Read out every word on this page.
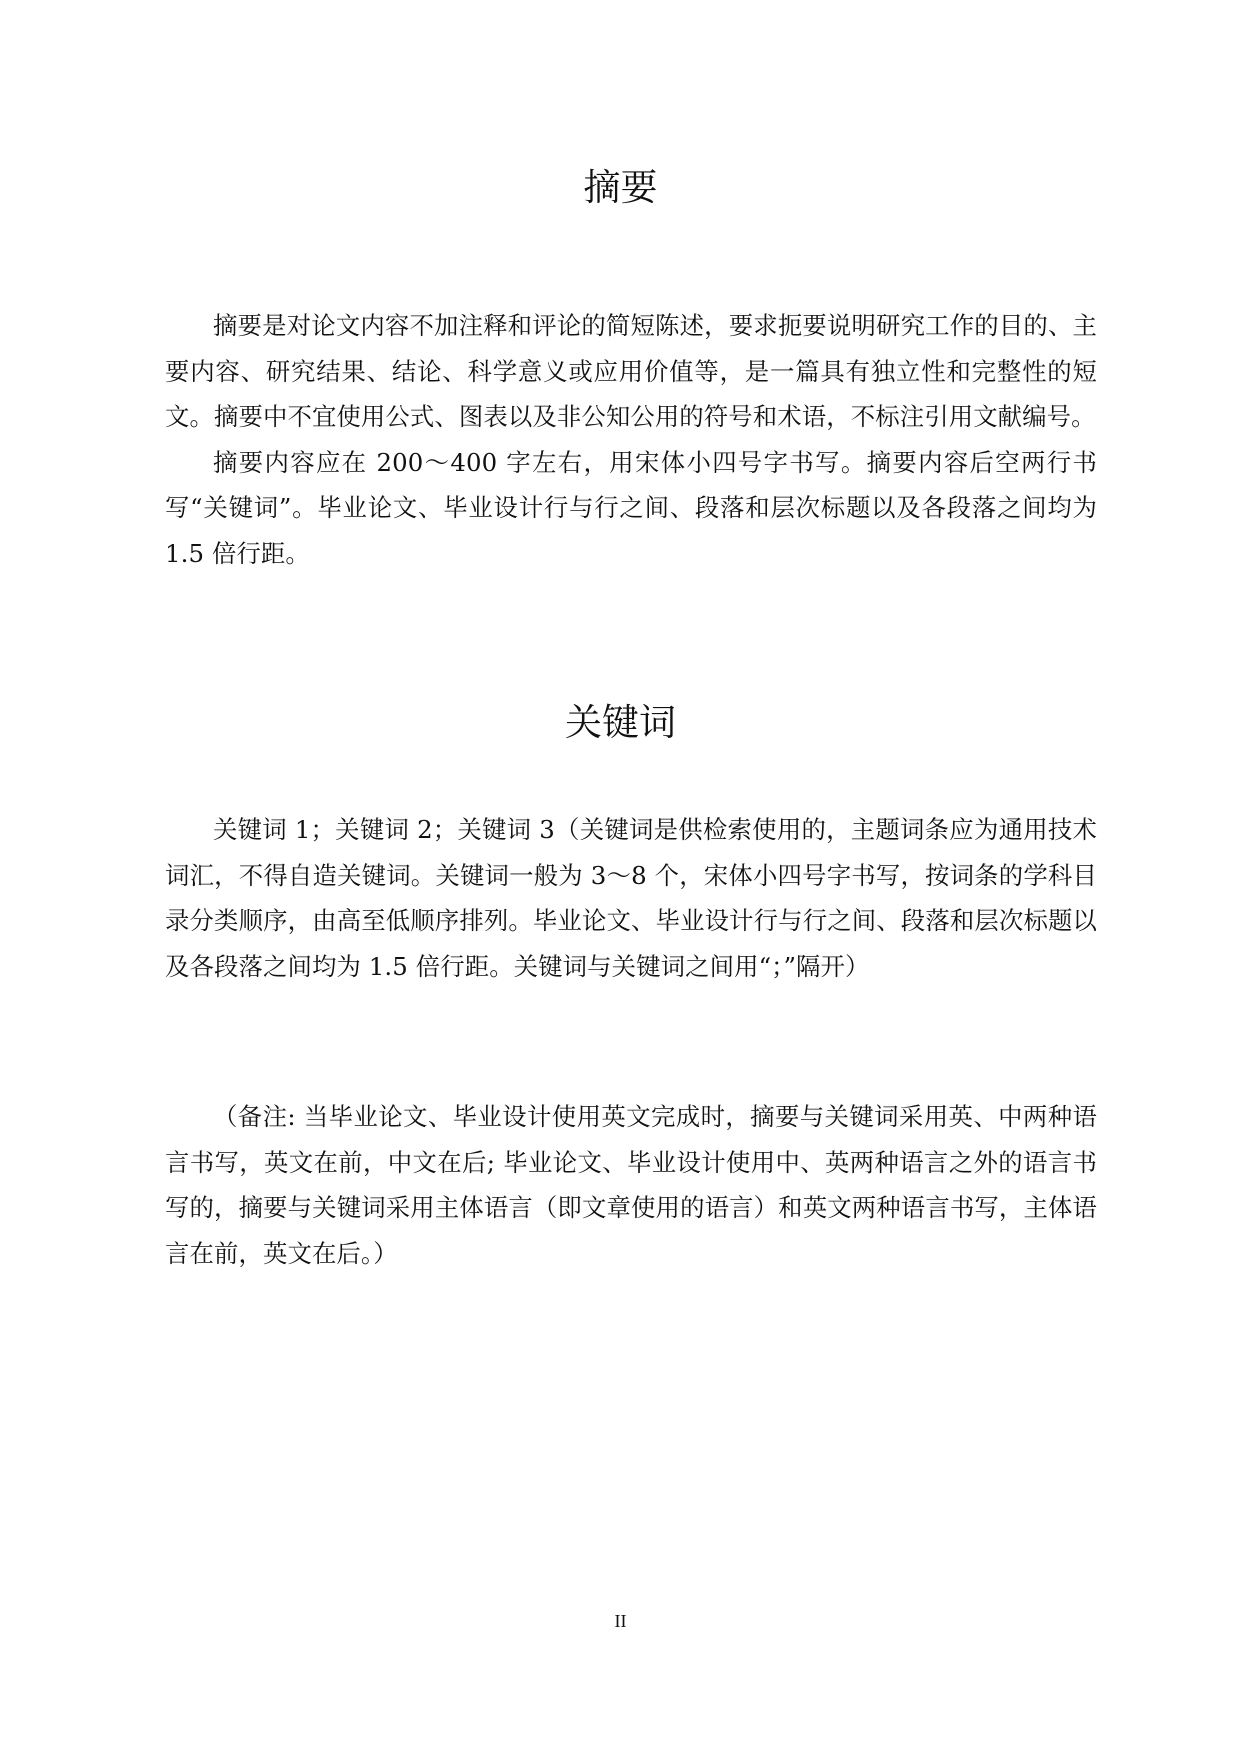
摘要

摘要是对论文内容不加注释和评论的简短陈述，要求扼要说明研究工作的目的、主要内容、研究结果、结论、科学意义或应用价值等，是一篇具有独立性和完整性的短文。摘要中不宜使用公式、图表以及非公知公用的符号和术语，不标注引用文献编号。

摘要内容应在 200～400 字左右，用宋体小四号字书写。摘要内容后空两行书写“关键词”。毕业论文、毕业设计行与行之间、段落和层次标题以及各段落之间均为 1.5 倍行距。

关键词

关键词 1；关键词 2；关键词 3（关键词是供检索使用的，主题词条应为通用技术词汇，不得自造关键词。关键词一般为 3～8 个，宋体小四号字书写，按词条的学科目录分类顺序，由高至低顺序排列。毕业论文、毕业设计行与行之间、段落和层次标题以及各段落之间均为 1.5 倍行距。关键词与关键词之间用“；”隔开）

（备注: 当毕业论文、毕业设计使用英文完成时，摘要与关键词采用英、中两种语言书写，英文在前，中文在后; 毕业论文、毕业设计使用中、英两种语言之外的语言书写的，摘要与关键词采用主体语言（即文章使用的语言）和英文两种语言书写，主体语言在前，英文在后。）

II
